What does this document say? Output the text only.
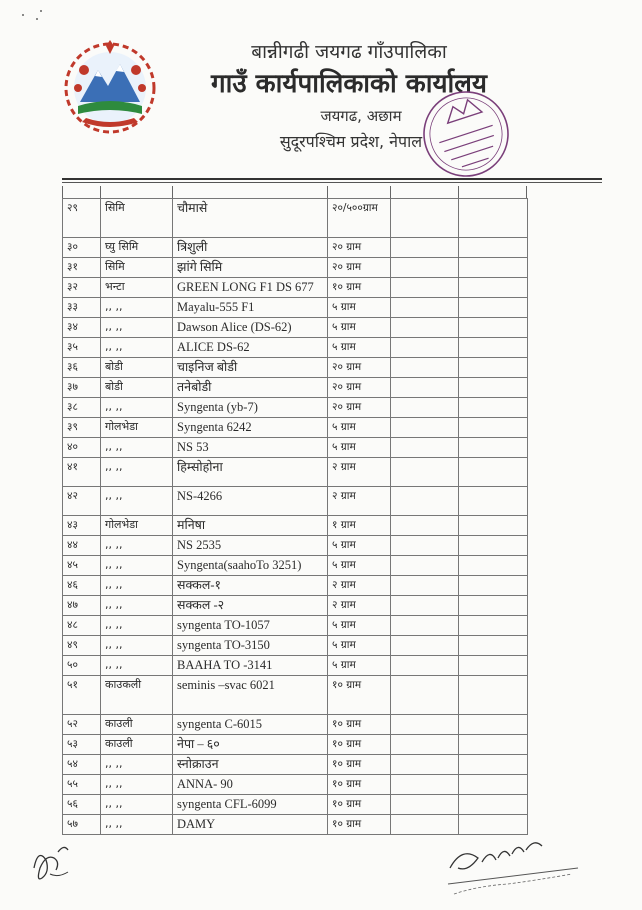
बान्नीगढी जयगढ गाँउपालिका
गाउँ कार्यपालिकाको कार्यालय
जयगढ, अछाम
सुदूरपश्चिम प्रदेश, नेपाल
२९	सिमि	चौमासे	२०/५००ग्राम		
३०	घ्यु सिमि	त्रिशुली	२० ग्राम		
३१	सिमि	झांगे सिमि	२० ग्राम		
३२	भन्टा	GREEN LONG F1 DS 677	१० ग्राम		
३३	,, ,,	Mayalu-555 F1	५ ग्राम		
३४	,, ,,	Dawson Alice (DS-62)	५ ग्राम		
३५	,, ,,	ALICE DS-62	५ ग्राम		
३६	बोडी	चाइनिज बोडी	२० ग्राम		
३७	बोडी	तनेबोडी	२० ग्राम		
३८	,, ,,	Syngenta (yb-7)	२० ग्राम		
३९	गोलभेडा	Syngenta 6242	५ ग्राम		
४०	,, ,,	NS 53	५ ग्राम		
४१	,, ,,	हिम्सोहोना	२ ग्राम		
४२	,, ,,	NS-4266	२ ग्राम		
४३	गोलभेडा	मनिषा	१ ग्राम		
४४	,, ,,	NS 2535	५ ग्राम		
४५	,, ,,	Syngenta(saahoTo 3251)	५ ग्राम		
४६	,, ,,	सक्कल-१	२ ग्राम		
४७	,, ,,	सक्कल -२	२ ग्राम		
४८	,, ,,	syngenta TO-1057	५ ग्राम		
४९	,, ,,	syngenta TO-3150	५ ग्राम		
५०	,, ,,	BAAHA TO -3141	५ ग्राम		
५१	काउकली	seminis –svac 6021	१० ग्राम		
५२	काउली	syngenta C-6015	१० ग्राम		
५३	काउली	नेपा – ६०	१० ग्राम		
५४	,, ,,	स्नोक्राउन	१० ग्राम		
५५	,, ,,	ANNA- 90	१० ग्राम		
५६	,, ,,	syngenta CFL-6099	१० ग्राम		
५७	,, ,,	DAMY	१० ग्राम		
